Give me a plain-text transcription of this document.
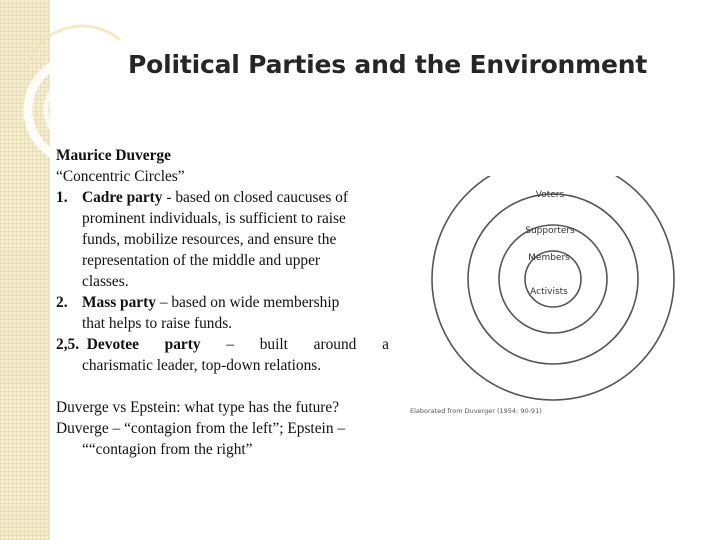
Political Parties and the Environment

Maurice Duverge

“Concentric Circles”

1. Cadre party - based on closed caucuses of

prominent individuals, is sufficient to raise

funds, mobilize resources, and ensure the

representation of the middle and upper

classes.

2. Mass party – based on wide membership

that helps to raise funds.

2,5. Devotee party – built around a

charismatic leader, top-down relations.

Duverge vs Epstein: what type has the future?

Duverge – “contagion from the left”; Epstein –

““contagion from the right”

Voters
Supporters
Members
Activists
Elaborated from Duverger (1954: 90-91)
